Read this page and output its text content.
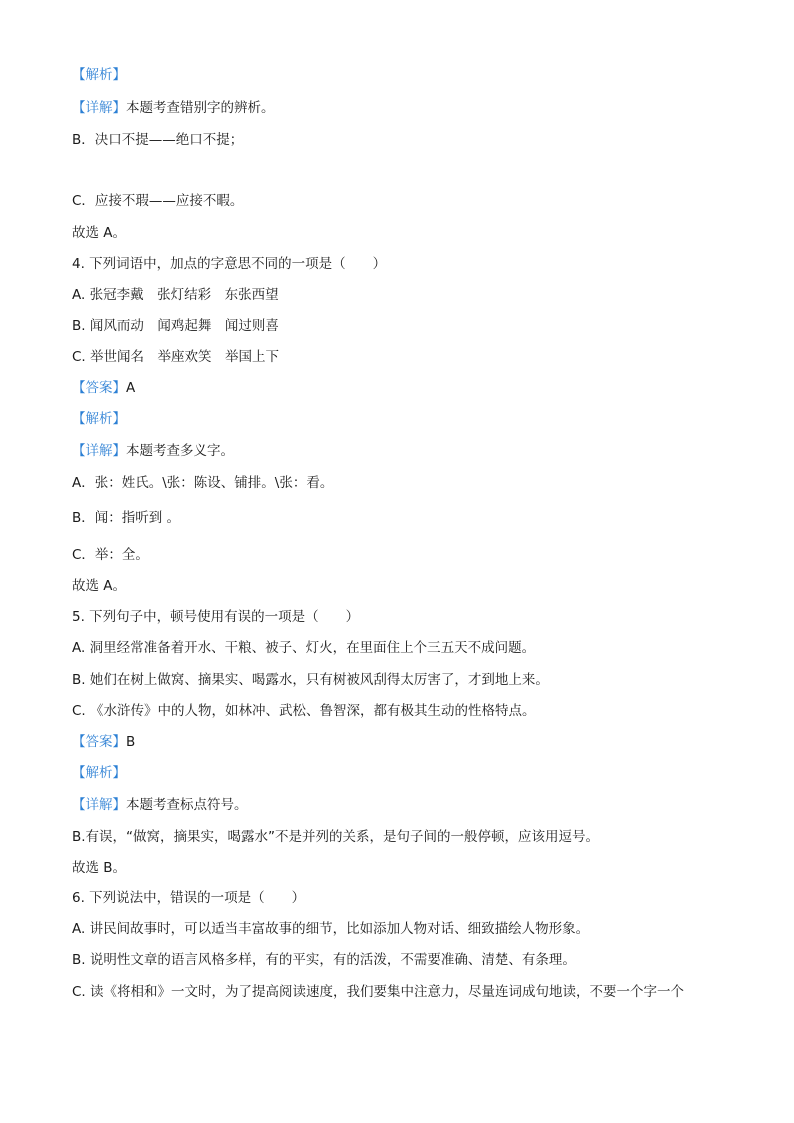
【解析】
【详解】本题考查错别字的辨析。
B．决口不提——绝口不提；
C．应接不瑕——应接不暇。
故选 A。
4. 下列词语中，加点的字意思不同的一项是（　　）
A. 张冠李戴　张灯结彩　东张西望
B. 闻风而动　闻鸡起舞　闻过则喜
C. 举世闻名　举座欢笑　举国上下
【答案】A
【解析】
【详解】本题考查多义字。
A．张：姓氏。\张：陈设、铺排。\张：看。
B．闻：指听到 。
C．举：全。
故选 A。
5. 下列句子中，顿号使用有误的一项是（　　）
A. 洞里经常准备着开水、干粮、被子、灯火，在里面住上个三五天不成问题。
B. 她们在树上做窝、摘果实、喝露水，只有树被风刮得太厉害了，才到地上来。
C. 《水浒传》中的人物，如林冲、武松、鲁智深，都有极其生动的性格特点。
【答案】B
【解析】
【详解】本题考查标点符号。
B.有误，“做窝，摘果实，喝露水”不是并列的关系，是句子间的一般停顿，应该用逗号。
故选 B。
6. 下列说法中，错误的一项是（　　）
A. 讲民间故事时，可以适当丰富故事的细节，比如添加人物对话、细致描绘人物形象。
B. 说明性文章的语言风格多样，有的平实，有的活泼，不需要准确、清楚、有条理。
C. 读《将相和》一文时，为了提高阅读速度，我们要集中注意力，尽量连词成句地读，不要一个字一个
